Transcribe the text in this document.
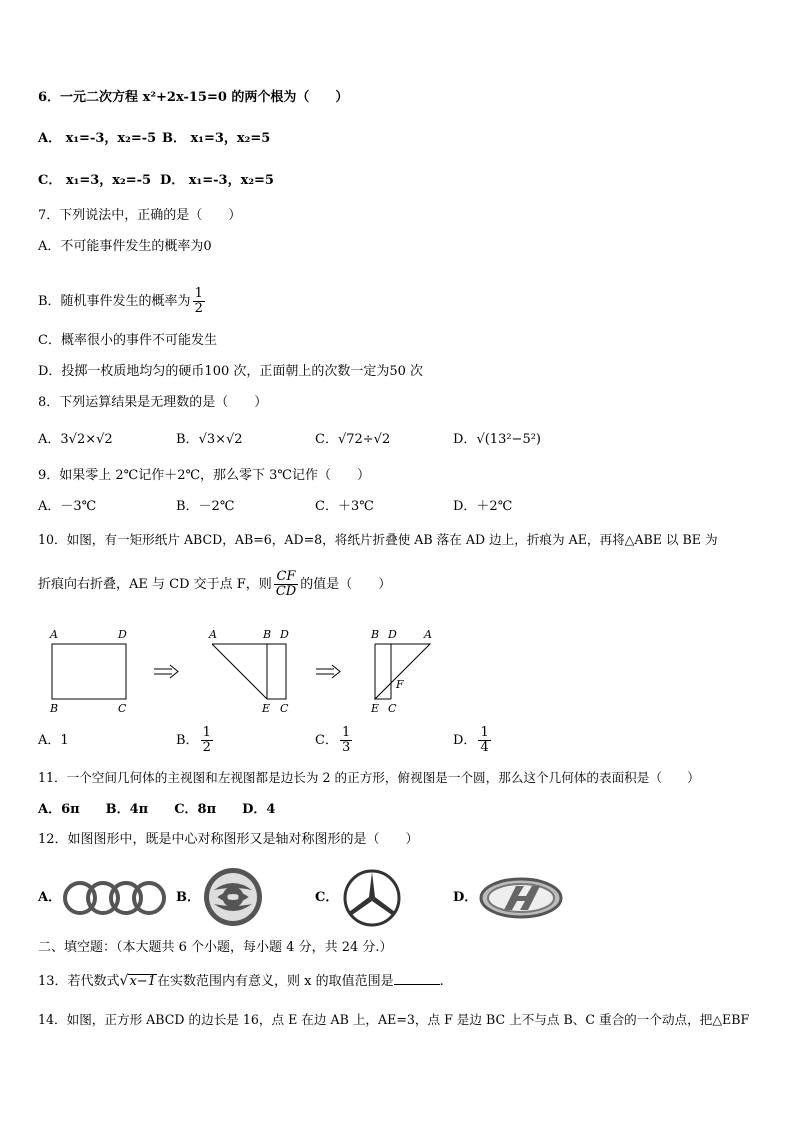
6．一元二次方程 x²+2x-15=0 的两个根为（　　）
A． x₁=-3，x₂=-5 B． x₁=3，x₂=5
C． x₁=3，x₂=-5 D． x₁=-3，x₂=5
7．下列说法中，正确的是（　　）
A．不可能事件发生的概率为0
B．随机事件发生的概率为 $\frac{1}{2}$
C．概率很小的事件不可能发生
D．投掷一枚质地均匀的硬币100 次，正面朝上的次数一定为50 次
8．下列运算结果是无理数的是（　　）
A．3√2×√2	B．√3×√2	C．√72÷√2	D．√(13²−5²)
9．如果零上 2℃记作＋2℃，那么零下 3℃记作（　　）
A．－3℃	B．－2℃	C．＋3℃	D．＋2℃
10．如图，有一矩形纸片 ABCD，AB=6，AD=8，将纸片折叠使 AB 落在 AD 边上，折痕为 AE，再将△ABE 以 BE 为
折痕向右折叠，AE 与 CD 交于点 F，则 $\frac{CF}{CD}$ 的值是（　　）
A	D
B	C
A	B D
E C
B D A
F
E C
A．1	B． $\frac{1}{2}$	C． $\frac{1}{3}$	D． $\frac{1}{4}$
11．一个空间几何体的主视图和左视图都是边长为 2 的正方形，俯视图是一个圆，那么这个几何体的表面积是（　　）
A．6π　　B．4π　　C．8π　　D．4
12．如图图形中，既是中心对称图形又是轴对称图形的是（　　）
A．	B．	C．	D．
二、填空题：（本大题共 6 个小题，每小题 4 分，共 24 分.）
13．若代数式√x−1在实数范围内有意义，则 x 的取值范围是	.
14．如图，正方形 ABCD 的边长是 16，点 E 在边 AB 上，AE=3，点 F 是边 BC 上不与点 B、C 重合的一个动点，把△EBF
